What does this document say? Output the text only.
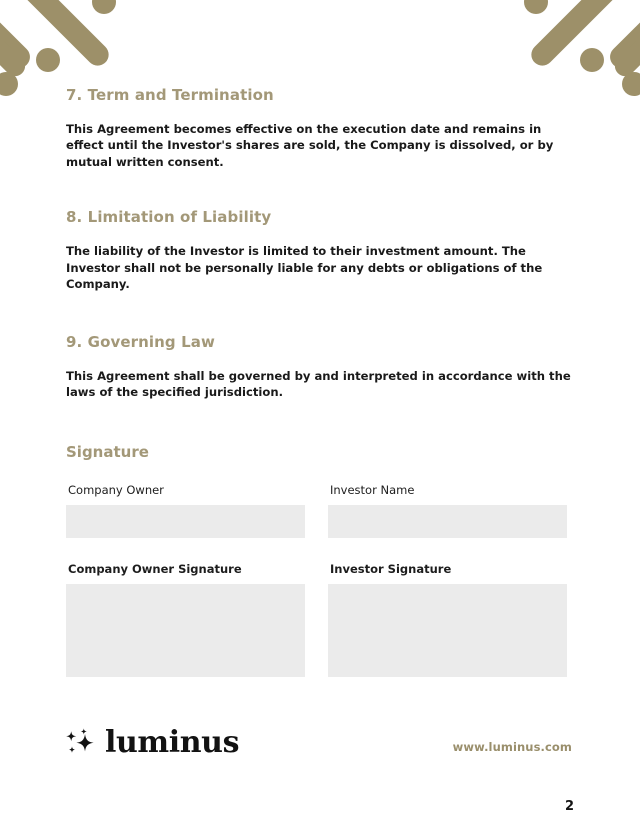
7. Term and Termination

This Agreement becomes effective on the execution date and remains in effect until the Investor's shares are sold, the Company is dissolved, or by mutual written consent.

8. Limitation of Liability

The liability of the Investor is limited to their investment amount. The Investor shall not be personally liable for any debts or obligations of the Company.

9. Governing Law

This Agreement shall be governed by and interpreted in accordance with the laws of the specified jurisdiction.

Signature
Company Owner	Investor Name
Company Owner Signature	Investor Signature
luminus	www.luminus.com
2
